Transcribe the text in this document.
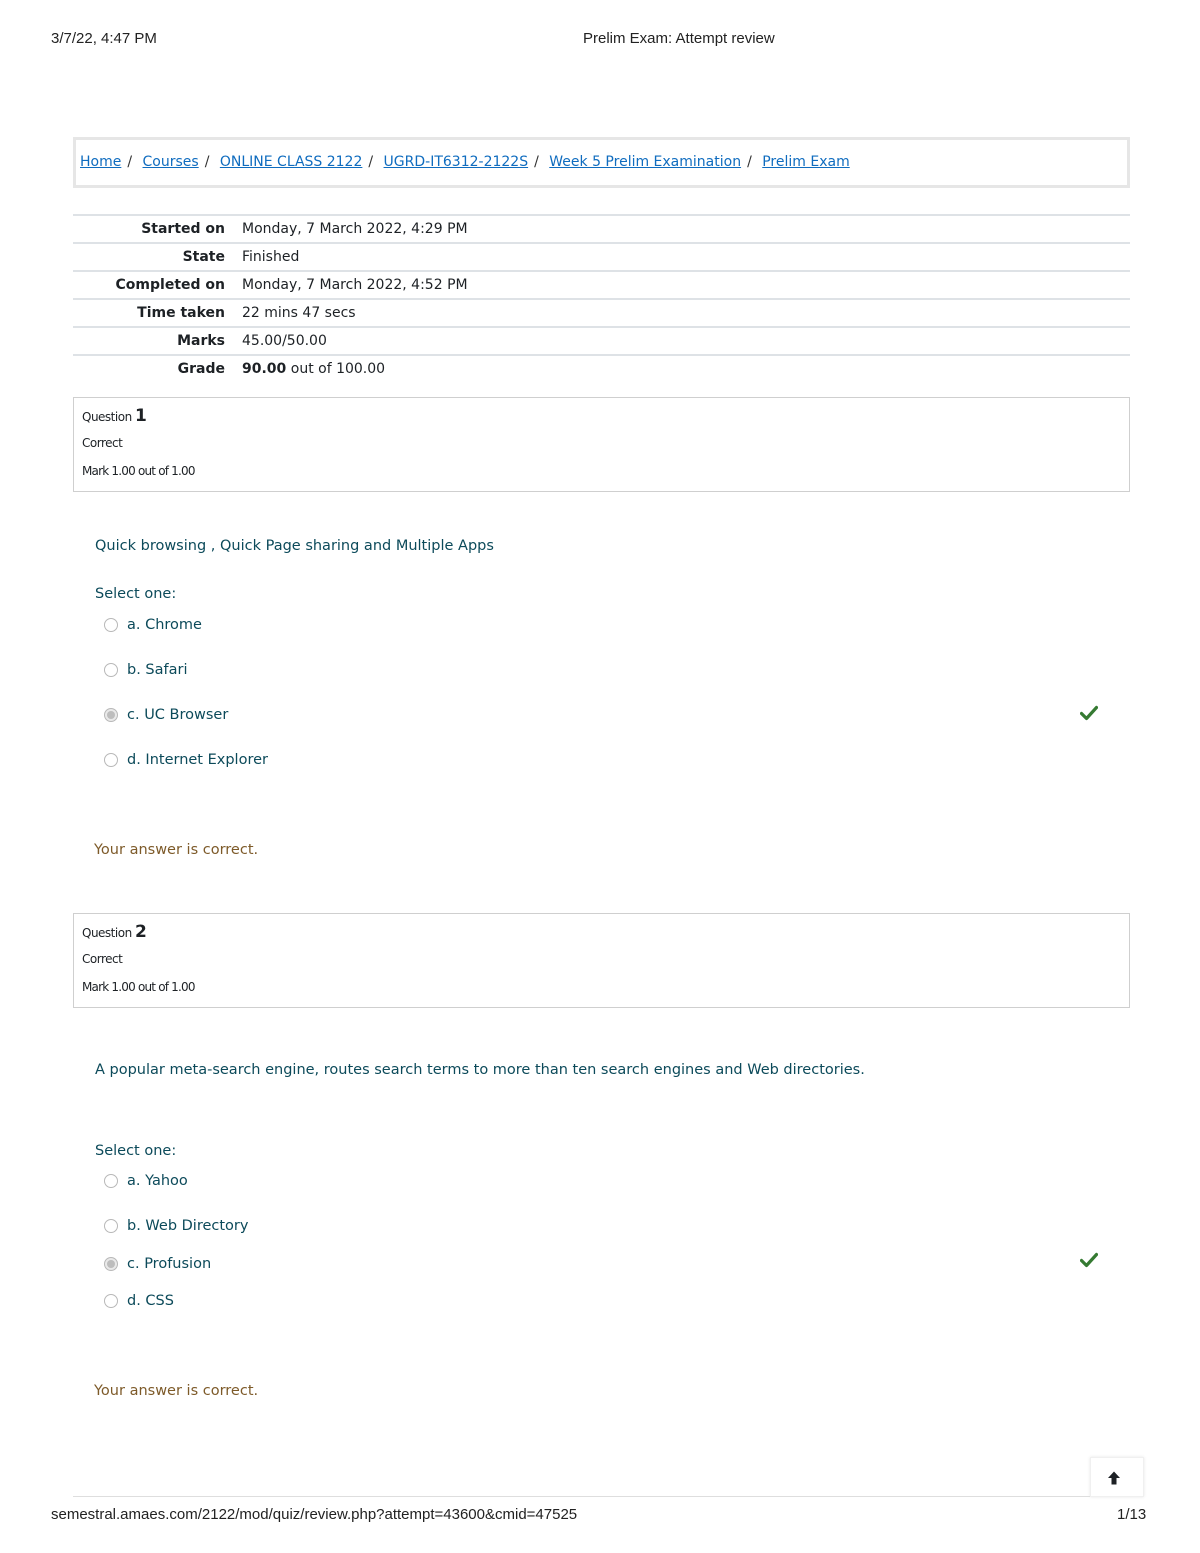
3/7/22, 4:47 PM	Prelim Exam: Attempt review
Home / Courses / ONLINE CLASS 2122 / UGRD-IT6312-2122S / Week 5 Prelim Examination / Prelim Exam
Started on Monday, 7 March 2022, 4:29 PM
State Finished
Completed on Monday, 7 March 2022, 4:52 PM
Time taken 22 mins 47 secs
Marks 45.00/50.00
Grade 90.00 out of 100.00
Question 1
Correct
Mark 1.00 out of 1.00
Quick browsing , Quick Page sharing and Multiple Apps
Select one:
a. Chrome
b. Safari
c. UC Browser
d. Internet Explorer
Your answer is correct.
Question 2
Correct
Mark 1.00 out of 1.00
A popular meta-search engine, routes search terms to more than ten search engines and Web directories.
Select one:
a. Yahoo
b. Web Directory
c. Profusion
d. CSS
Your answer is correct.
semestral.amaes.com/2122/mod/quiz/review.php?attempt=43600&cmid=47525	1/13
